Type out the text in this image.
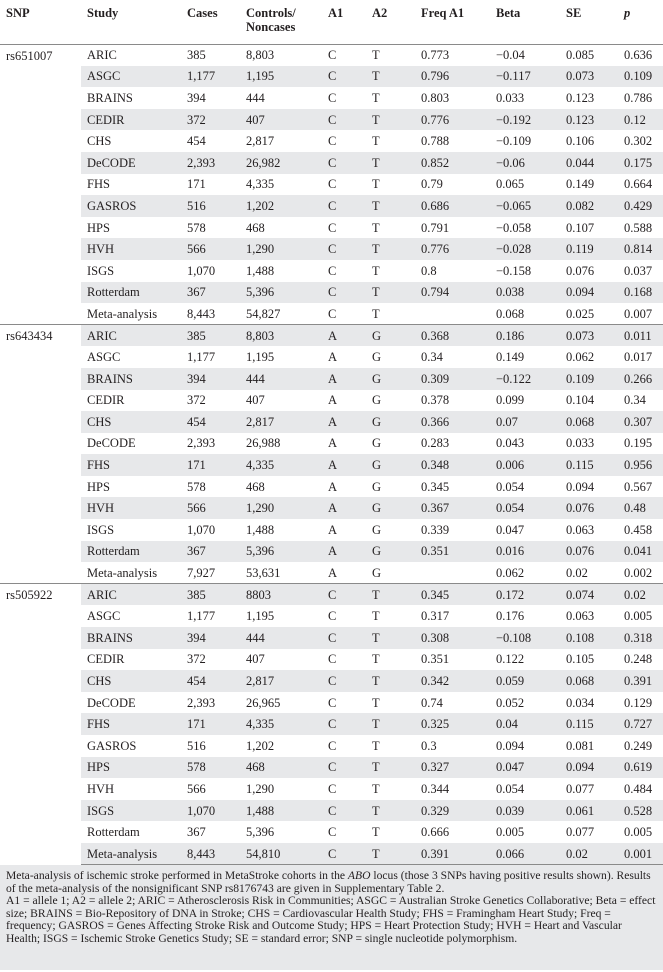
SNP	Study	Cases	Controls/
Noncases	A1	A2	Freq A1	Beta	SE	p
rs651007	ARIC	385	8,803	C	T	0.773	−0.04	0.085	0.636
	ASGC	1,177	1,195	C	T	0.796	−0.117	0.073	0.109
	BRAINS	394	444	C	T	0.803	0.033	0.123	0.786
	CEDIR	372	407	C	T	0.776	−0.192	0.123	0.12
	CHS	454	2,817	C	T	0.788	−0.109	0.106	0.302
	DeCODE	2,393	26,982	C	T	0.852	−0.06	0.044	0.175
	FHS	171	4,335	C	T	0.79	0.065	0.149	0.664
	GASROS	516	1,202	C	T	0.686	−0.065	0.082	0.429
	HPS	578	468	C	T	0.791	−0.058	0.107	0.588
	HVH	566	1,290	C	T	0.776	−0.028	0.119	0.814
	ISGS	1,070	1,488	C	T	0.8	−0.158	0.076	0.037
	Rotterdam	367	5,396	C	T	0.794	0.038	0.094	0.168
	Meta-analysis	8,443	54,827	C	T		0.068	0.025	0.007
rs643434	ARIC	385	8,803	A	G	0.368	0.186	0.073	0.011
	ASGC	1,177	1,195	A	G	0.34	0.149	0.062	0.017
	BRAINS	394	444	A	G	0.309	−0.122	0.109	0.266
	CEDIR	372	407	A	G	0.378	0.099	0.104	0.34
	CHS	454	2,817	A	G	0.366	0.07	0.068	0.307
	DeCODE	2,393	26,988	A	G	0.283	0.043	0.033	0.195
	FHS	171	4,335	A	G	0.348	0.006	0.115	0.956
	HPS	578	468	A	G	0.345	0.054	0.094	0.567
	HVH	566	1,290	A	G	0.367	0.054	0.076	0.48
	ISGS	1,070	1,488	A	G	0.339	0.047	0.063	0.458
	Rotterdam	367	5,396	A	G	0.351	0.016	0.076	0.041
	Meta-analysis	7,927	53,631	A	G		0.062	0.02	0.002
rs505922	ARIC	385	8803	C	T	0.345	0.172	0.074	0.02
	ASGC	1,177	1,195	C	T	0.317	0.176	0.063	0.005
	BRAINS	394	444	C	T	0.308	−0.108	0.108	0.318
	CEDIR	372	407	C	T	0.351	0.122	0.105	0.248
	CHS	454	2,817	C	T	0.342	0.059	0.068	0.391
	DeCODE	2,393	26,965	C	T	0.74	0.052	0.034	0.129
	FHS	171	4,335	C	T	0.325	0.04	0.115	0.727
	GASROS	516	1,202	C	T	0.3	0.094	0.081	0.249
	HPS	578	468	C	T	0.327	0.047	0.094	0.619
	HVH	566	1,290	C	T	0.344	0.054	0.077	0.484
	ISGS	1,070	1,488	C	T	0.329	0.039	0.061	0.528
	Rotterdam	367	5,396	C	T	0.666	0.005	0.077	0.005
	Meta-analysis	8,443	54,810	C	T	0.391	0.066	0.02	0.001

Meta-analysis of ischemic stroke performed in MetaStroke cohorts in the ABO locus (those 3 SNPs having positive results shown). Results of the meta-analysis of the nonsignificant SNP rs8176743 are given in Supplementary Table 2.

A1 = allele 1; A2 = allele 2; ARIC = Atherosclerosis Risk in Communities; ASGC = Australian Stroke Genetics Collaborative; Beta = effect size; BRAINS = Bio-Repository of DNA in Stroke; CHS = Cardiovascular Health Study; FHS = Framingham Heart Study; Freq = frequency; GASROS = Genes Affecting Stroke Risk and Outcome Study; HPS = Heart Protection Study; HVH = Heart and Vascular Health; ISGS = Ischemic Stroke Genetics Study; SE = standard error; SNP = single nucleotide polymorphism.
